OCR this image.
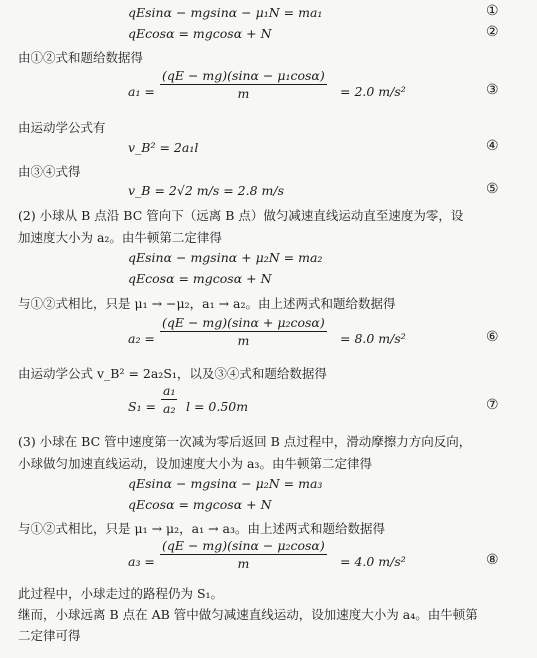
qEsinα − mgsinα − μ₁N = ma₁	①
qEcosα = mgcosα + N	②
由①②式和题给数据得
a₁ =
(qE − mg)(sinα − μ₁cosα)
m	= 2.0 m/s²	③
由运动学公式有
v_B² = 2a₁l	④
由③④式得
v_B = 2√2 m/s = 2.8 m/s	⑤
(2) 小球从 B 点沿 BC 管向下（远离 B 点）做匀减速直线运动直至速度为零，设
加速度大小为 a₂。由牛顿第二定律得
qEsinα − mgsinα + μ₂N = ma₂
qEcosα = mgcosα + N
与①②式相比，只是 μ₁ → −μ₂，a₁ → a₂。由上述两式和题给数据得
a₂ =
(qE − mg)(sinα + μ₂cosα)
m	= 8.0 m/s²	⑥
由运动学公式 v_B² = 2a₂S₁，以及③④式和题给数据得
S₁ =
a₁
a₂ l = 0.50m	⑦
(3) 小球在 BC 管中速度第一次减为零后返回 B 点过程中，滑动摩擦力方向反向，
小球做匀加速直线运动，设加速度大小为 a₃。由牛顿第二定律得
qEsinα − mgsinα − μ₂N = ma₃
qEcosα = mgcosα + N
与①②式相比，只是 μ₁ → μ₂，a₁ → a₃。由上述两式和题给数据得
a₃ =
(qE − mg)(sinα − μ₂cosα)
m	= 4.0 m/s²	⑧
此过程中，小球走过的路程仍为 S₁。
继而，小球远离 B 点在 AB 管中做匀减速直线运动，设加速度大小为 a₄。由牛顿第
二定律可得
